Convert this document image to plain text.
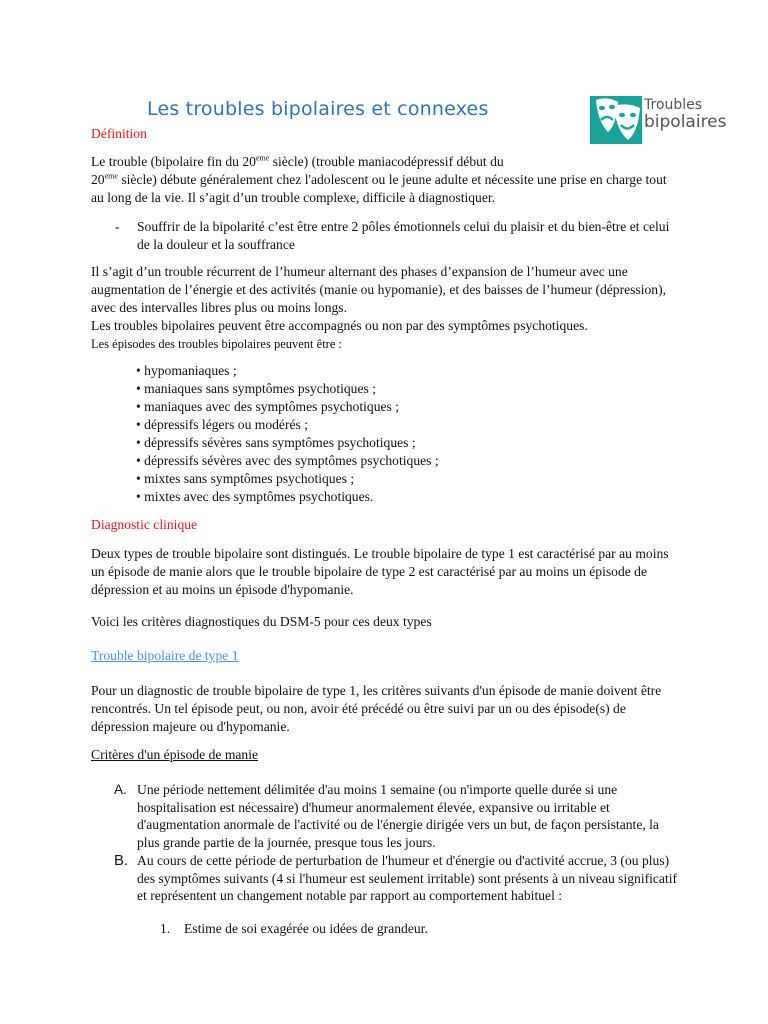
Les troubles bipolaires et connexes	Troubles
bipolaires
Définition
Le trouble (bipolaire fin du 20eme siècle) (trouble maniacodépressif début du
20eme siècle) débute généralement chez l'adolescent ou le jeune adulte et nécessite une prise en charge tout au long de la vie. Il s’agit d’un trouble complexe, difficile à diagnostiquer.
- Souffrir de la bipolarité c’est être entre 2 pôles émotionnels celui du plaisir et du bien-être et celui de la douleur et la souffrance
Il s’agit d’un trouble récurrent de l’humeur alternant des phases d’expansion de l’humeur avec une augmentation de l’énergie et des activités (manie ou hypomanie), et des baisses de l’humeur (dépression), avec des intervalles libres plus ou moins longs.
Les troubles bipolaires peuvent être accompagnés ou non par des symptômes psychotiques.
Les épisodes des troubles bipolaires peuvent être :
• hypomaniaques ;
• maniaques sans symptômes psychotiques ;
• maniaques avec des symptômes psychotiques ;
• dépressifs légers ou modérés ;
• dépressifs sévères sans symptômes psychotiques ;
• dépressifs sévères avec des symptômes psychotiques ;
• mixtes sans symptômes psychotiques ;
• mixtes avec des symptômes psychotiques.
Diagnostic clinique
Deux types de trouble bipolaire sont distingués. Le trouble bipolaire de type 1 est caractérisé par au moins un épisode de manie alors que le trouble bipolaire de type 2 est caractérisé par au moins un épisode de dépression et au moins un épisode d'hypomanie.
Voici les critères diagnostiques du DSM-5 pour ces deux types
Trouble bipolaire de type 1
Pour un diagnostic de trouble bipolaire de type 1, les critères suivants d'un épisode de manie doivent être rencontrés. Un tel épisode peut, ou non, avoir été précédé ou être suivi par un ou des épisode(s) de dépression majeure ou d'hypomanie.
Critères d'un épisode de manie
A. Une période nettement délimitée d'au moins 1 semaine (ou n'importe quelle durée si une hospitalisation est nécessaire) d'humeur anormalement élevée, expansive ou irritable et d'augmentation anormale de l'activité ou de l'énergie dirigée vers un but, de façon persistante, la plus grande partie de la journée, presque tous les jours.
B. Au cours de cette période de perturbation de l'humeur et d'énergie ou d'activité accrue, 3 (ou plus) des symptômes suivants (4 si l'humeur est seulement irritable) sont présents à un niveau significatif et représentent un changement notable par rapport au comportement habituel :
1. Estime de soi exagérée ou idées de grandeur.
